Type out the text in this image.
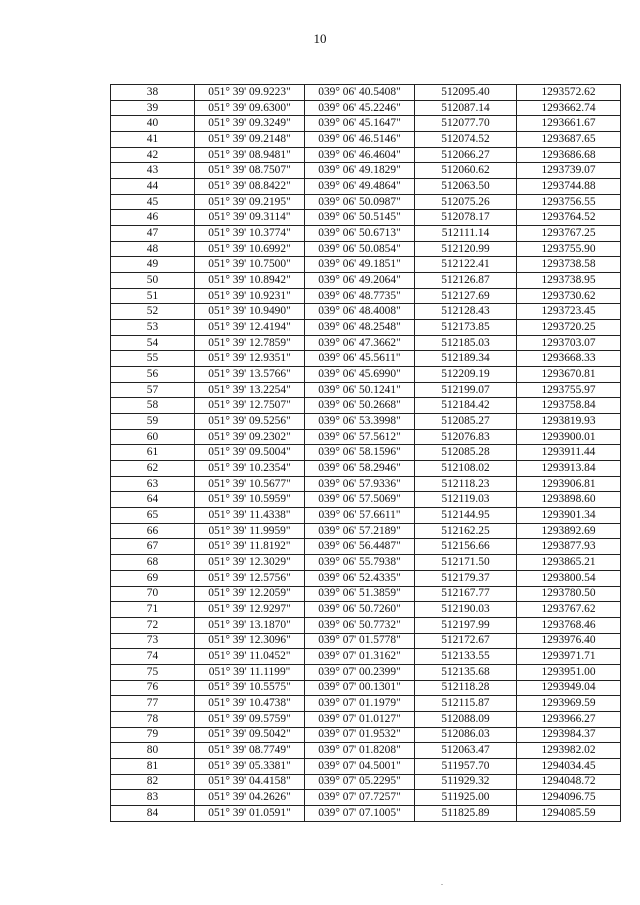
10
38	051° 39' 09.9223"	039° 06' 40.5408"	512095.40	1293572.62
39	051° 39' 09.6300"	039° 06' 45.2246"	512087.14	1293662.74
40	051° 39' 09.3249"	039° 06' 45.1647"	512077.70	1293661.67
41	051° 39' 09.2148"	039° 06' 46.5146"	512074.52	1293687.65
42	051° 39' 08.9481"	039° 06' 46.4604"	512066.27	1293686.68
43	051° 39' 08.7507"	039° 06' 49.1829"	512060.62	1293739.07
44	051° 39' 08.8422"	039° 06' 49.4864"	512063.50	1293744.88
45	051° 39' 09.2195"	039° 06' 50.0987"	512075.26	1293756.55
46	051° 39' 09.3114"	039° 06' 50.5145"	512078.17	1293764.52
47	051° 39' 10.3774"	039° 06' 50.6713"	512111.14	1293767.25
48	051° 39' 10.6992"	039° 06' 50.0854"	512120.99	1293755.90
49	051° 39' 10.7500"	039° 06' 49.1851"	512122.41	1293738.58
50	051° 39' 10.8942"	039° 06' 49.2064"	512126.87	1293738.95
51	051° 39' 10.9231"	039° 06' 48.7735"	512127.69	1293730.62
52	051° 39' 10.9490"	039° 06' 48.4008"	512128.43	1293723.45
53	051° 39' 12.4194"	039° 06' 48.2548"	512173.85	1293720.25
54	051° 39' 12.7859"	039° 06' 47.3662"	512185.03	1293703.07
55	051° 39' 12.9351"	039° 06' 45.5611"	512189.34	1293668.33
56	051° 39' 13.5766"	039° 06' 45.6990"	512209.19	1293670.81
57	051° 39' 13.2254"	039° 06' 50.1241"	512199.07	1293755.97
58	051° 39' 12.7507"	039° 06' 50.2668"	512184.42	1293758.84
59	051° 39' 09.5256"	039° 06' 53.3998"	512085.27	1293819.93
60	051° 39' 09.2302"	039° 06' 57.5612"	512076.83	1293900.01
61	051° 39' 09.5004"	039° 06' 58.1596"	512085.28	1293911.44
62	051° 39' 10.2354"	039° 06' 58.2946"	512108.02	1293913.84
63	051° 39' 10.5677"	039° 06' 57.9336"	512118.23	1293906.81
64	051° 39' 10.5959"	039° 06' 57.5069"	512119.03	1293898.60
65	051° 39' 11.4338"	039° 06' 57.6611"	512144.95	1293901.34
66	051° 39' 11.9959"	039° 06' 57.2189"	512162.25	1293892.69
67	051° 39' 11.8192"	039° 06' 56.4487"	512156.66	1293877.93
68	051° 39' 12.3029"	039° 06' 55.7938"	512171.50	1293865.21
69	051° 39' 12.5756"	039° 06' 52.4335"	512179.37	1293800.54
70	051° 39' 12.2059"	039° 06' 51.3859"	512167.77	1293780.50
71	051° 39' 12.9297"	039° 06' 50.7260"	512190.03	1293767.62
72	051° 39' 13.1870"	039° 06' 50.7732"	512197.99	1293768.46
73	051° 39' 12.3096"	039° 07' 01.5778"	512172.67	1293976.40
74	051° 39' 11.0452"	039° 07' 01.3162"	512133.55	1293971.71
75	051° 39' 11.1199"	039° 07' 00.2399"	512135.68	1293951.00
76	051° 39' 10.5575"	039° 07' 00.1301"	512118.28	1293949.04
77	051° 39' 10.4738"	039° 07' 01.1979"	512115.87	1293969.59
78	051° 39' 09.5759"	039° 07' 01.0127"	512088.09	1293966.27
79	051° 39' 09.5042"	039° 07' 01.9532"	512086.03	1293984.37
80	051° 39' 08.7749"	039° 07' 01.8208"	512063.47	1293982.02
81	051° 39' 05.3381"	039° 07' 04.5001"	511957.70	1294034.45
82	051° 39' 04.4158"	039° 07' 05.2295"	511929.32	1294048.72
83	051° 39' 04.2626"	039° 07' 07.7257"	511925.00	1294096.75
84	051° 39' 01.0591"	039° 07' 07.1005"	511825.89	1294085.59
